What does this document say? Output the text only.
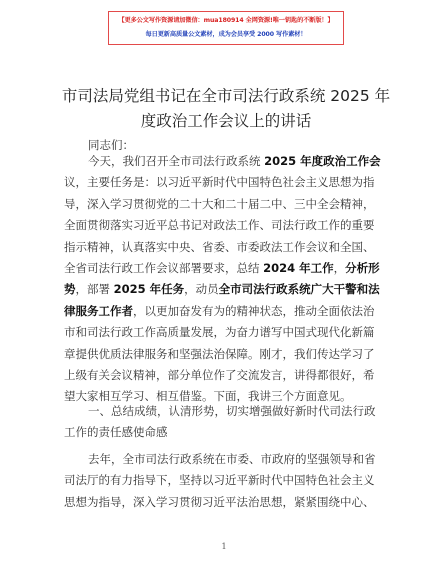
【更多公文写作资源请加微信：mua180914 全网资源!唯一钥匙的不断版！】
每日更新高质量公文素材，成为会员享受 2000 写作素材！
市司法局党组书记在全市司法行政系统 2025 年
度政治工作会议上的讲话
同志们：
今天，我们召开全市司法行政系统 2025 年度政治工作会
议，主要任务是：以习近平新时代中国特色社会主义思想为指
导，深入学习贯彻党的二十大和二十届二中、三中全会精神，
全面贯彻落实习近平总书记对政法工作、司法行政工作的重要
指示精神，认真落实中央、省委、市委政法工作会议和全国、
全省司法行政工作会议部署要求，总结 2024 年工作，分析形
势，部署 2025 年任务，动员全市司法行政系统广大干警和法
律服务工作者，以更加奋发有为的精神状态，推动全面依法治
市和司法行政工作高质量发展，为奋力谱写中国式现代化新篇
章提供优质法律服务和坚强法治保障。刚才，我们传达学习了
上级有关会议精神，部分单位作了交流发言，讲得都很好，希
望大家相互学习、相互借鉴。下面，我讲三个方面意见。
一、总结成绩，认清形势，切实增强做好新时代司法行政
工作的责任感使命感
去年，全市司法行政系统在市委、市政府的坚强领导和省
司法厅的有力指导下，坚持以习近平新时代中国特色社会主义
思想为指导，深入学习贯彻习近平法治思想，紧紧围绕中心、
1
